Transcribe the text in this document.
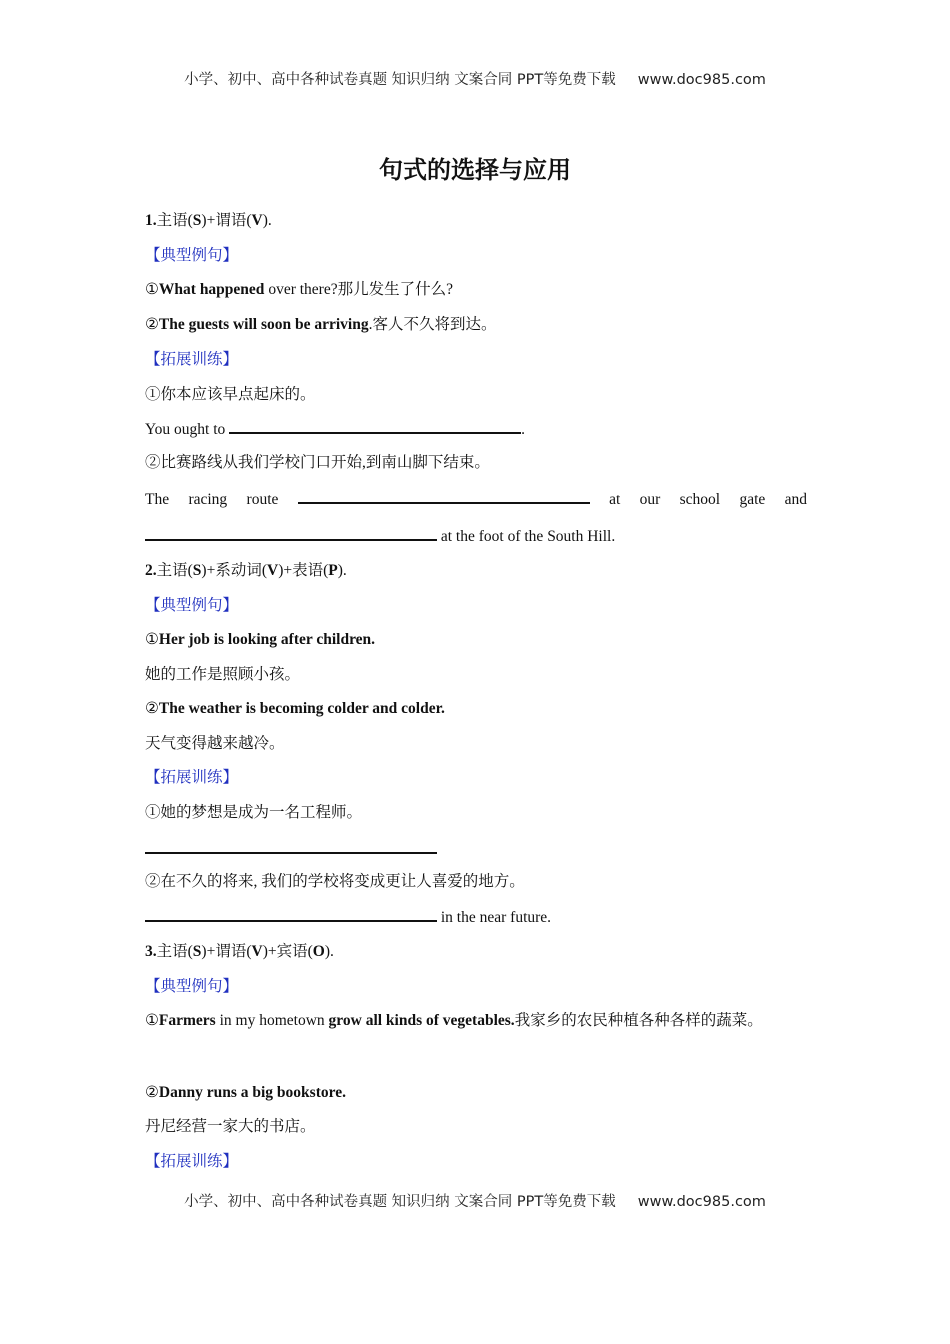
小学、初中、高中各种试卷真题 知识归纳 文案合同 PPT等免费下载 www.doc985.com
句式的选择与应用
1.主语(S)+谓语(V).
【典型例句】
①What happened over there?那儿发生了什么?
②The guests will soon be arriving.客人不久将到达。
【拓展训练】
①你本应该早点起床的。
You ought to	.
②比赛路线从我们学校门口开始,到南山脚下结束。
The racing route	at our school gate and
at the foot of the South Hill.
2.主语(S)+系动词(V)+表语(P).
【典型例句】
①Her job is looking after children.
她的工作是照顾小孩。
②The weather is becoming colder and colder.
天气变得越来越冷。
【拓展训练】
①她的梦想是成为一名工程师。
②在不久的将来, 我们的学校将变成更让人喜爱的地方。
in the near future.
3.主语(S)+谓语(V)+宾语(O).
【典型例句】
①Farmers in my hometown grow all kinds of vegetables.我家乡的农民种植各种各样的蔬菜。
②Danny runs a big bookstore.
丹尼经营一家大的书店。
【拓展训练】
小学、初中、高中各种试卷真题 知识归纳 文案合同 PPT等免费下载 www.doc985.com
